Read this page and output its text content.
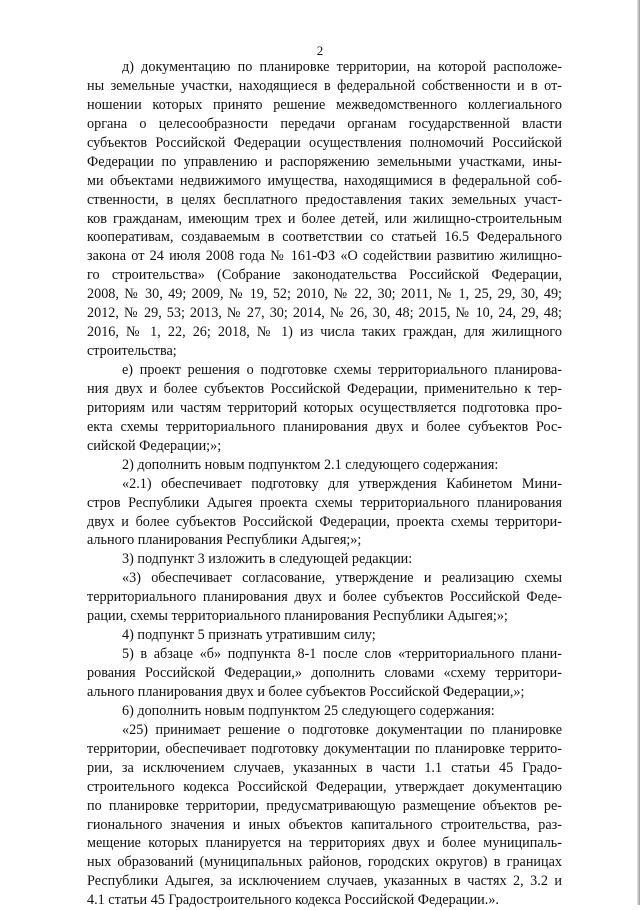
2
д) документацию по планировке территории, на которой расположе-
ны земельные участки, находящиеся в федеральной собственности и в от-
ношении которых принято решение межведомственного коллегиального
органа о целесообразности передачи органам государственной власти
субъектов Российской Федерации осуществления полномочий Российской
Федерации по управлению и распоряжению земельными участками, ины-
ми объектами недвижимого имущества, находящимися в федеральной соб-
ственности, в целях бесплатного предоставления таких земельных участ-
ков гражданам, имеющим трех и более детей, или жилищно-строительным
кооперативам, создаваемым в соответствии со статьей 16.5 Федерального
закона от 24 июля 2008 года № 161-ФЗ «О содействии развитию жилищно-
го строительства» (Собрание законодательства Российской Федерации,
2008, № 30, 49; 2009, № 19, 52; 2010, № 22, 30; 2011, № 1, 25, 29, 30, 49;
2012, № 29, 53; 2013, № 27, 30; 2014, № 26, 30, 48; 2015, № 10, 24, 29, 48;
2016, № 1, 22, 26; 2018, № 1) из числа таких граждан, для жилищного
строительства;
е) проект решения о подготовке схемы территориального планирова-
ния двух и более субъектов Российской Федерации, применительно к тер-
риториям или частям территорий которых осуществляется подготовка про-
екта схемы территориального планирования двух и более субъектов Рос-
сийской Федерации;»;
2) дополнить новым подпунктом 2.1 следующего содержания:
«2.1) обеспечивает подготовку для утверждения Кабинетом Мини-
стров Республики Адыгея проекта схемы территориального планирования
двух и более субъектов Российской Федерации, проекта схемы территори-
ального планирования Республики Адыгея;»;
3) подпункт 3 изложить в следующей редакции:
«3) обеспечивает согласование, утверждение и реализацию схемы
территориального планирования двух и более субъектов Российской Феде-
рации, схемы территориального планирования Республики Адыгея;»;
4) подпункт 5 признать утратившим силу;
5) в абзаце «б» подпункта 8-1 после слов «территориального плани-
рования Российской Федерации,» дополнить словами «схему территори-
ального планирования двух и более субъектов Российской Федерации,»;
6) дополнить новым подпунктом 25 следующего содержания:
«25) принимает решение о подготовке документации по планировке
территории, обеспечивает подготовку документации по планировке террито-
рии, за исключением случаев, указанных в части 1.1 статьи 45 Градо-
строительного кодекса Российской Федерации, утверждает документацию
по планировке территории, предусматривающую размещение объектов ре-
гионального значения и иных объектов капитального строительства, раз-
мещение которых планируется на территориях двух и более муниципаль-
ных образований (муниципальных районов, городских округов) в границах
Республики Адыгея, за исключением случаев, указанных в частях 2, 3.2 и
4.1 статьи 45 Градостроительного кодекса Российской Федерации.».
